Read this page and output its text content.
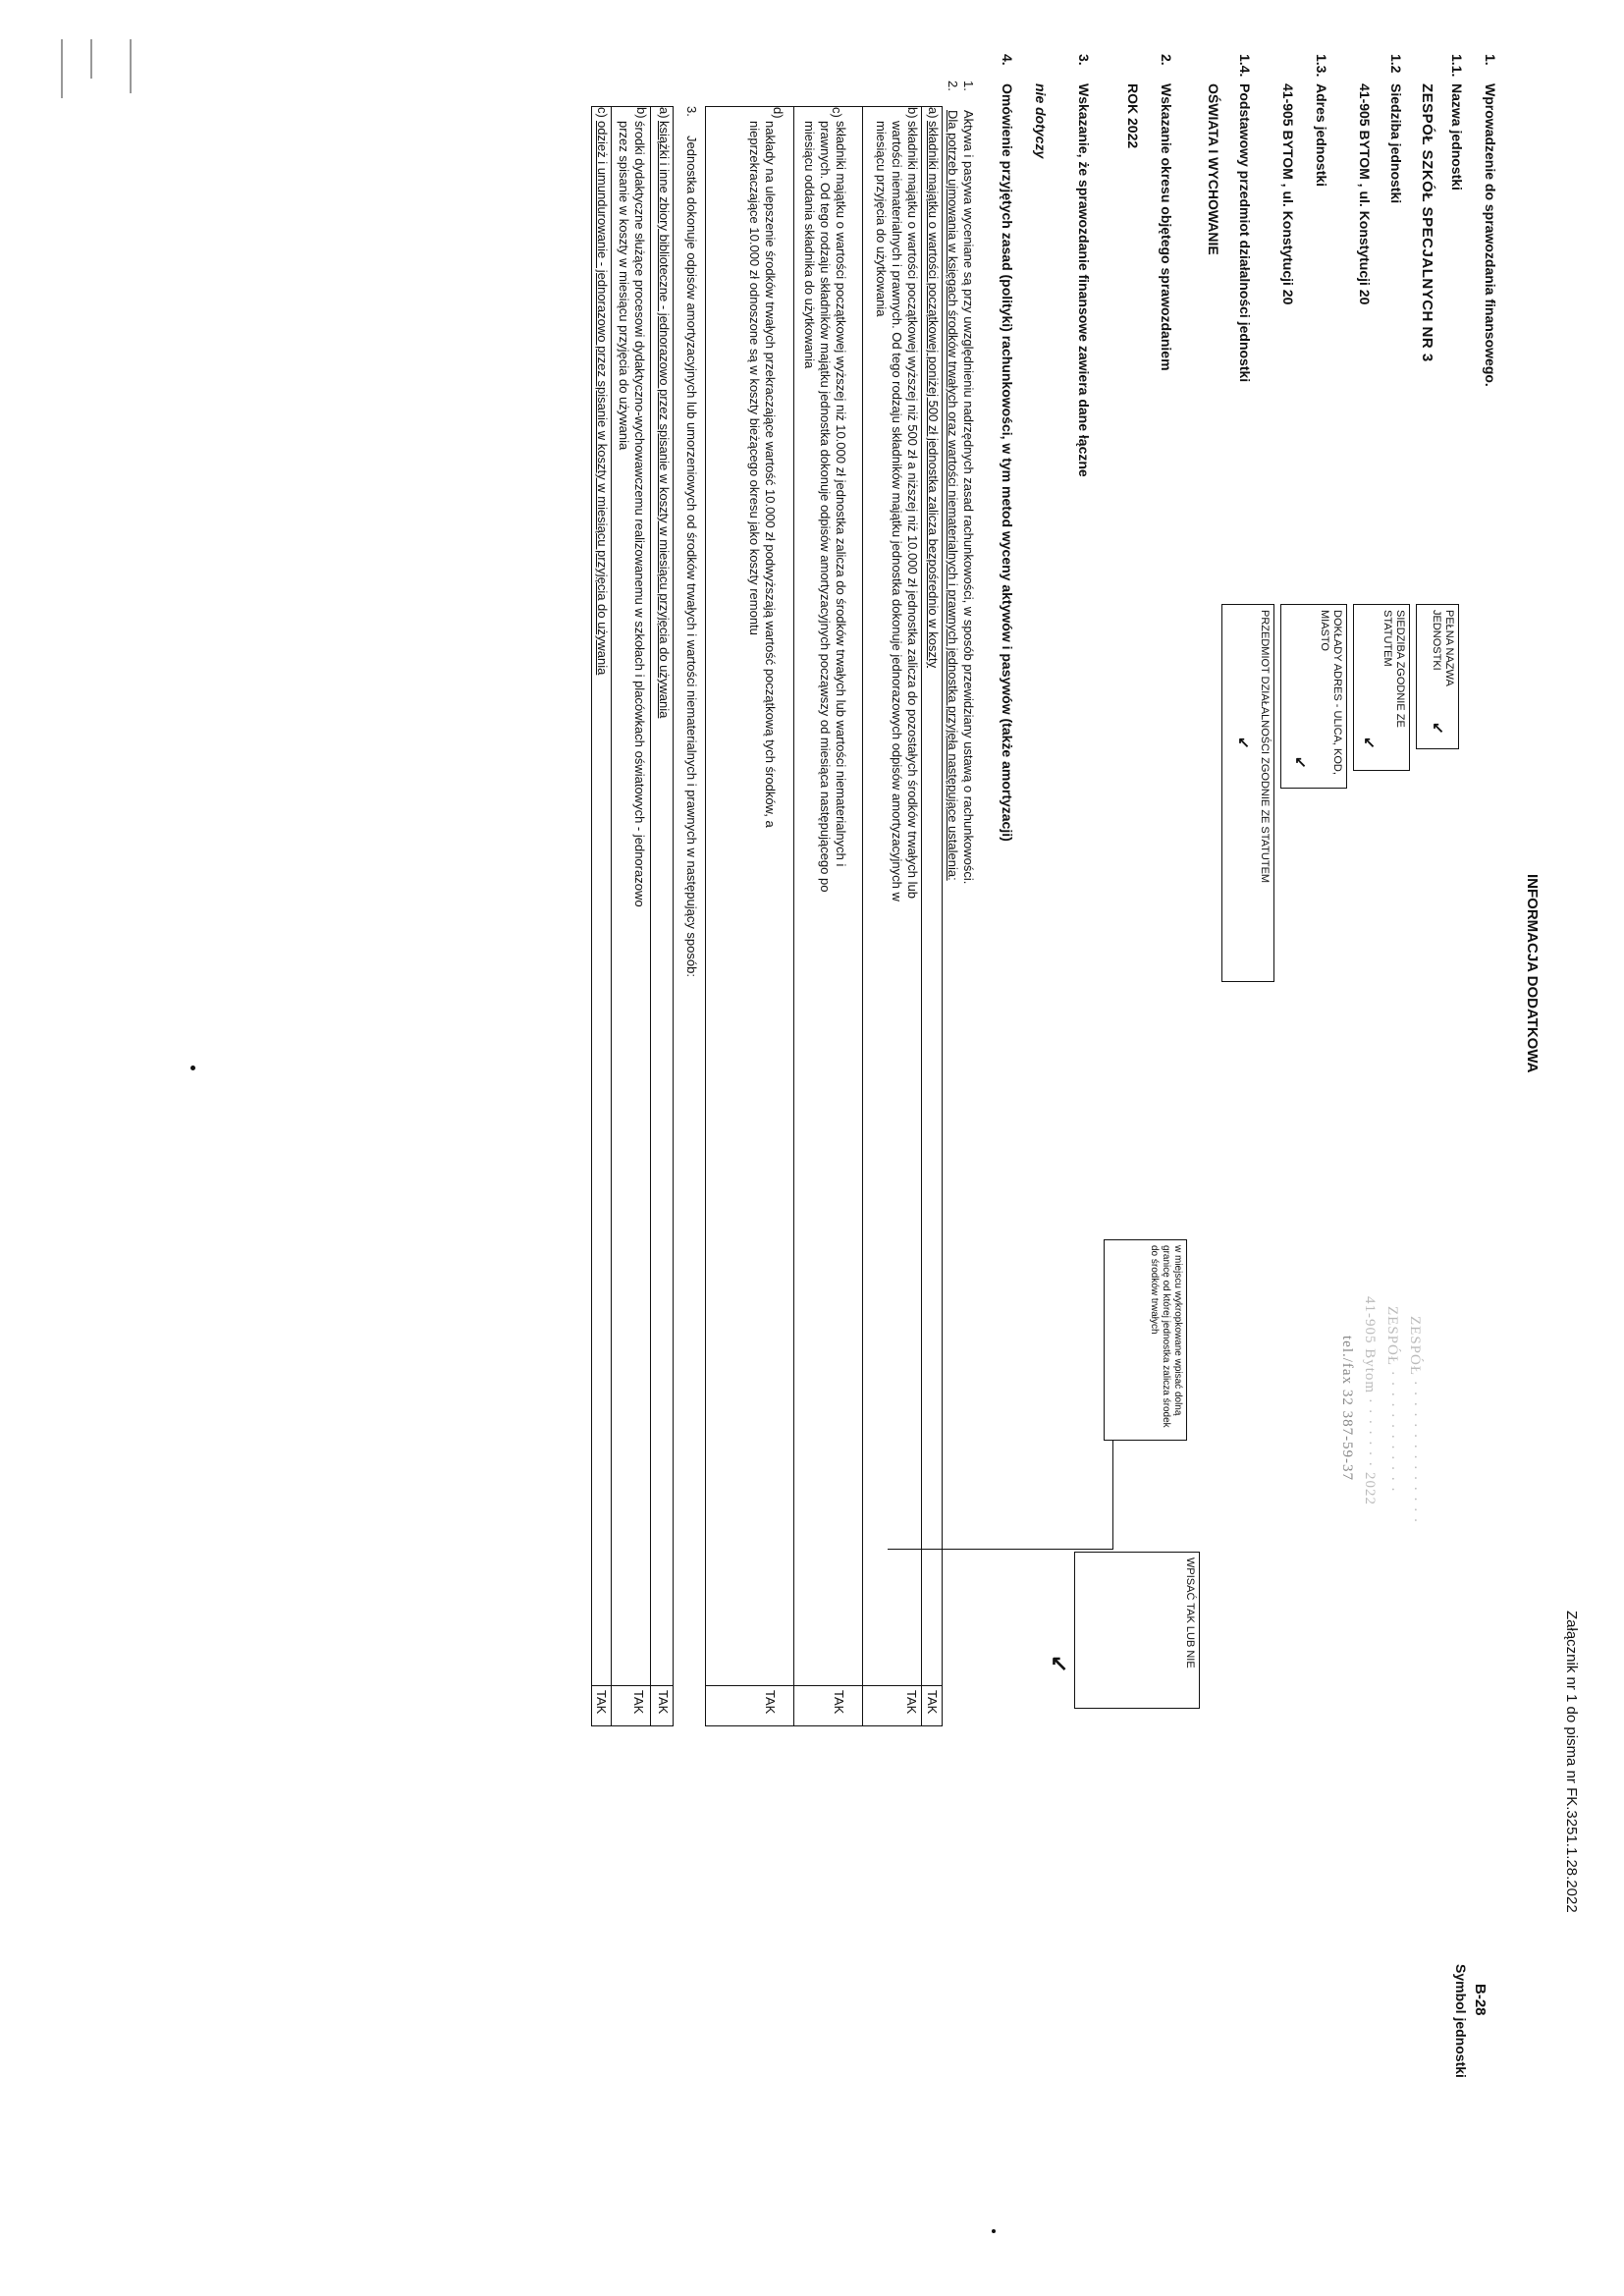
Załącznik nr 1 do pisma nr FK.3251.1.28.2022
B-28
Symbol jednostki
INFORMACJA DODATKOWA
ZESPÓŁ · · · · · · · · · · · · · ·
ZESPÓŁ · · · · · · · · · · · ·
41-905 Bytom · · · · · · · 2022
tel./fax 32 387-59-37
1.
Wprowadzenie do sprawozdania finansowego.
1.1.
Nazwa jednostki
ZESPÓŁ SZKÓŁ SPECJALNYCH NR 3
1.2
Siedziba jednostki
41-905 BYTOM , ul. Konstytucji 20
1.3.
Adres jednostki
41-905 BYTOM , ul. Konstytucji 20
1.4.
Podstawowy przedmiot działalności jednostki
OŚWIATA I WYCHOWANIE
2.
Wskazanie okresu objętego sprawozdaniem
ROK 2022
3.
Wskazanie, że sprawozdanie finansowe zawiera dane łączne
nie dotyczy
4.
Omówienie przyjętych zasad (polityki) rachunkowości, w tym metod wyceny aktywów i pasywów (także amortyzacji)	PEŁNA NAZWA JEDNOSTKI
↙
SIEDZIBA ZGODNIE ZE STATUTEM
↙
DOKŁADY ADRES - ULICA, KOD, MIASTO
↙
PRZEDMIOT DZIAŁALNOŚCI ZGODNIE ZE STATUTEM
↙
w miejscu wykropkowane wpisać dolną granicę od której jednostka zalicza środek do środków trwałych
WPISAĆ TAK LUB NIE
↙
1.
Aktywa i pasywa wyceniane są przy uwzględnieniu nadrzędnych zasad rachunkowości, w sposób przewidziany ustawą o rachunkowości.
2.
Dla potrzeb ujmowania w księgach środków trwałych oraz wartości niematerialnych i prawnych jednostka przyjęła następujące ustalenia:
a)
składniki majątku o wartości początkowej poniżej 500 zł jednostka zalicza bezpośrednio w koszty
TAK
b)
składniki majątku o wartości początkowej wyższej niż 500 zł a niższej niż 10.000 zł jednostka zalicza do pozostałych środków trwałych lub
wartości niematerialnych i prawnych. Od tego rodzaju składników majątku jednostka dokonuje jednorazowych odpisów amortyzacyjnych w
miesiącu przyjęcia do użytkowania
TAK
c)
składniki majątku o wartości początkowej wyższej niż 10.000 zł jednostka zalicza do środków trwałych lub wartości niematerialnych i
prawnych. Od tego rodzaju składników majątku jednostka dokonuje odpisów amortyzacyjnych począwszy od miesiąca następującego po
miesiącu oddania składnika do użytkowania
TAK
d)
nakłady na ulepszenie środków trwałych przekraczające wartość 10.000 zł podwyższają wartość początkową tych środków, a
nieprzekraczające 10.000 zł odnoszone są w koszty bieżącego okresu jako koszty remontu
TAK
3.
Jednostka dokonuje odpisów amortyzacyjnych lub umorzeniowych od środków trwałych i wartości niematerialnych i prawnych w następujący sposób:
a)
książki i inne zbiory biblioteczne - jednorazowo przez spisanie w koszty w miesiącu przyjęcia do używania
TAK
b)
środki dydaktyczne służące procesowi dydaktyczno-wychowawczemu realizowanemu w szkołach i placówkach oświatowych - jednorazowo
przez spisanie w koszty w miesiącu przyjęcia do używania
TAK
c)
odzież i umundurowanie - jednorazowo przez spisanie w koszty w miesiącu przyjęcia do używania
TAK
